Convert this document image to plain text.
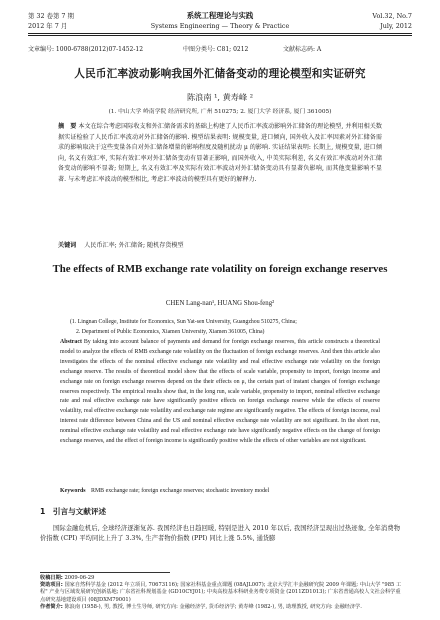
第 32 卷第 7 期	系统工程理论与实践	Vol.32, No.7
2012 年 7 月	Systems Engineering — Theory & Practice	July, 2012
文章编号: 1000-6788(2012)07-1452-12	中图分类号: C81; 0212	文献标志码: A
人民币汇率波动影响我国外汇储备变动的理论模型和实证研究
陈浪南 ¹, 黄寿峰 ²
(1. 中山大学 岭南学院 经济研究所, 广州 510275; 2. 厦门大学 经济系, 厦门 361005)
摘　要 本文在综合考虑国际收支和外汇储备需求的基础上构建了人民币汇率波动影响外汇储备的理论模型, 并利用相关数据实证检验了人民币汇率波动对外汇储备的影响. 模型结果表明: 规模变量, 进口倾向, 国外收入及汇率因素对外汇储备需求的影响取决于这些变量各自对外汇储备增量的影响程度及随机扰动 μ 的影响. 实证结果表明: 长期上, 规模变量, 进口倾向, 名义有效汇率, 实际有效汇率对外汇储备变动有显著正影响, 而国外收入, 中美实际利差, 名义有效汇率波动对外汇储备变动的影响不显著; 短期上, 名义有效汇率及实际有效汇率波动对外汇储备变动具有显著负影响, 而其他变量影响不显著. 与未考虑汇率波动的模型相比, 考虑汇率波动的模型具有更好的解释力.
关键词 人民币汇率; 外汇储备; 随机存货模型
The effects of RMB exchange rate volatility on foreign exchange reserves
CHEN Lang-nan¹, HUANG Shou-feng²
(1. Lingnan College, Institute for Economics, Sun Yat-sen University, Guangzhou 510275, China;
2. Department of Public Economics, Xiamen University, Xiamen 361005, China)
Abstract By taking into account balance of payments and demand for foreign exchange reserves, this article constructs a theoretical model to analyze the effects of RMB exchange rate volatility on the fluctuation of foreign exchange reserves. And then this article also investigates the effects of the nominal effective exchange rate volatility and real effective exchange rate volatility on the foreign exchange reserve. The results of theoretical model show that the effects of scale variable, propensity to import, foreign income and exchange rate on foreign exchange reserves depend on the their effects on μ, the certain part of instant changes of foreign exchange reserves respectively. The empirical results show that, in the long run, scale variable, propensity to import, nominal effective exchange rate and real effective exchange rate have significantly positive effects on foreign exchange reserve while the effects of reserve volatility, real effective exchange rate volatility and exchange rate regime are significantly negative. The effects of foreign income, real interest rate difference between China and the US and nominal effective exchange rate volatility are not significant. In the short run, nominal effective exchange rate volatility and real effective exchange rate have significantly negative effects on the change of foreign exchange reserves, and the effect of foreign income is significantly positive while the effects of other variables are not significant.
Keywords RMB exchange rate; foreign exchange reserves; stochastic inventory model
1　引言与文献评述
国际金融危机后, 全球经济逐渐复苏. 我国经济也日趋回暖, 特别是进入 2010 年以后, 我国经济呈现出过热迹象, 全年消费物价指数 (CPI) 平均同比上升了 3.3%, 生产者物价指数 (PPI) 同比上涨 5.5%, 通货膨
收稿日期: 2009-06-29
资助项目: 国家自然科学基金 (2012 年立项目, 70673116); 国家社科基金重点课题 (08AJL007); 北京大学汇丰金融研究院 2009 年课题; 中山大学 "985 工程" 产业与区域发展研究创新基地; 广东省社科规划基金 (GD10CYJ01); 中央高校基本科研业务费专项资金 (2011ZD1013); 广东省普通高校人文社会科学重点研究基地建设项目 (08JDXM79001)
作者简介: 陈浪南 (1958-), 男, 教授, 博士生导师, 研究方向: 金融经济学, 货币经济学; 黄寿峰 (1982-), 男, 助理教授, 研究方向: 金融经济学.
